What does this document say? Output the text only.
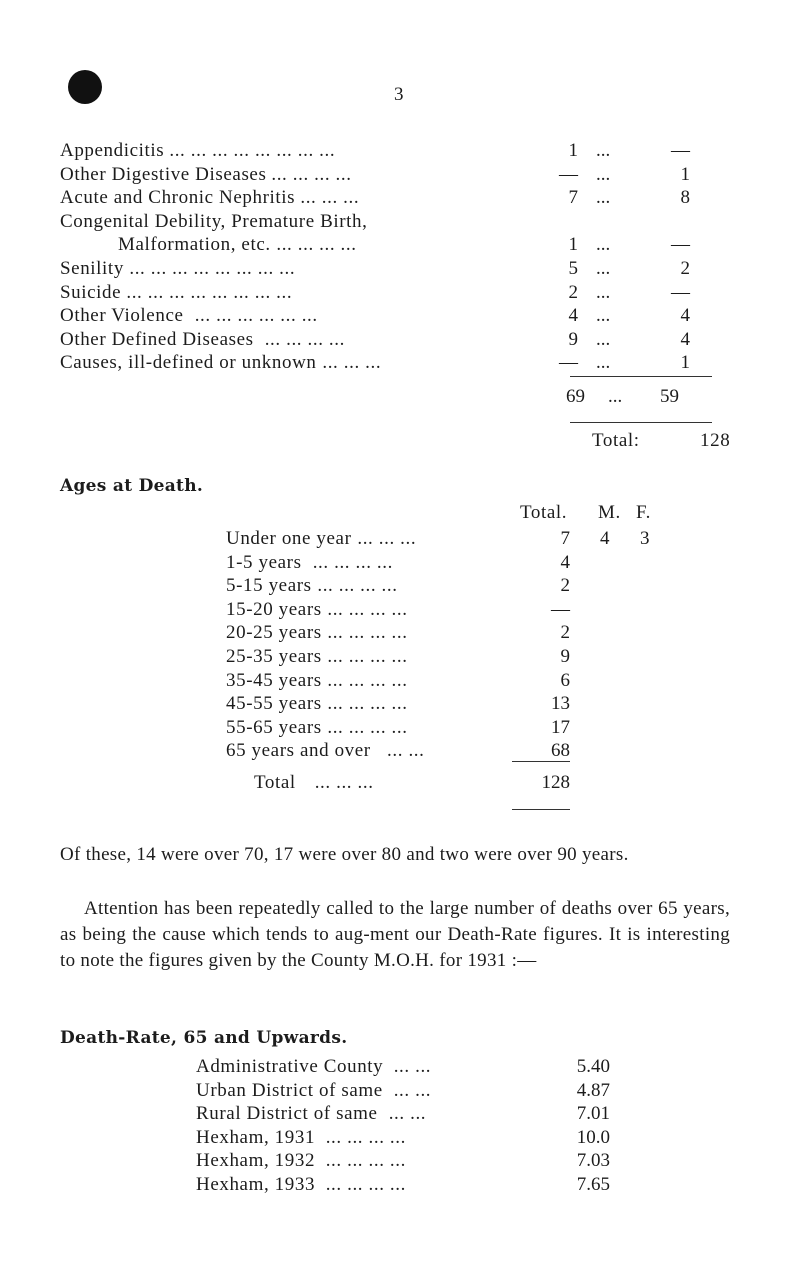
3
Appendicitis ... ... ... ... ... ... ... ...	1 ...	—
Other Digestive Diseases ... ... ... ...	— ...	1
Acute and Chronic Nephritis ... ... ...	7 ...	8
Congenital Debility, Premature Birth,
Malformation, etc. ... ... ... ...	1 ...	—
Senility ... ... ... ... ... ... ... ...	5 ...	2
Suicide ... ... ... ... ... ... ... ...	2 ...	—
Other Violence ... ... ... ... ... ...	4 ...	4
Other Defined Diseases ... ... ... ...	9 ...	4
Causes, ill-defined or unknown ... ... ...	— ...	1
69 ... 59
Total:	128
Ages at Death.
Total. M. F.
Under one year ... ... ...	7 4 3
1-5 years ... ... ... ...	4
5-15 years ... ... ... ...	2
15-20 years ... ... ... ...	—
20-25 years ... ... ... ...	2
25-35 years ... ... ... ...	9
35-45 years ... ... ... ...	6
45-55 years ... ... ... ...	13
55-65 years ... ... ... ...	17
65 years and over ... ...	68
Total ... ... ...	128
Of these, 14 were over 70, 17 were over 80 and two were over 90 years.
Attention has been repeatedly called to the large number of deaths over 65 years, as being the cause which tends to aug-ment our Death-Rate figures. It is interesting to note the figures given by the County M.O.H. for 1931 :—
Death-Rate, 65 and Upwards.
Administrative County ... ...	5.40
Urban District of same ... ...	4.87
Rural District of same ... ...	7.01
Hexham, 1931 ... ... ... ...	10.0
Hexham, 1932 ... ... ... ...	7.03
Hexham, 1933 ... ... ... ...	7.65
